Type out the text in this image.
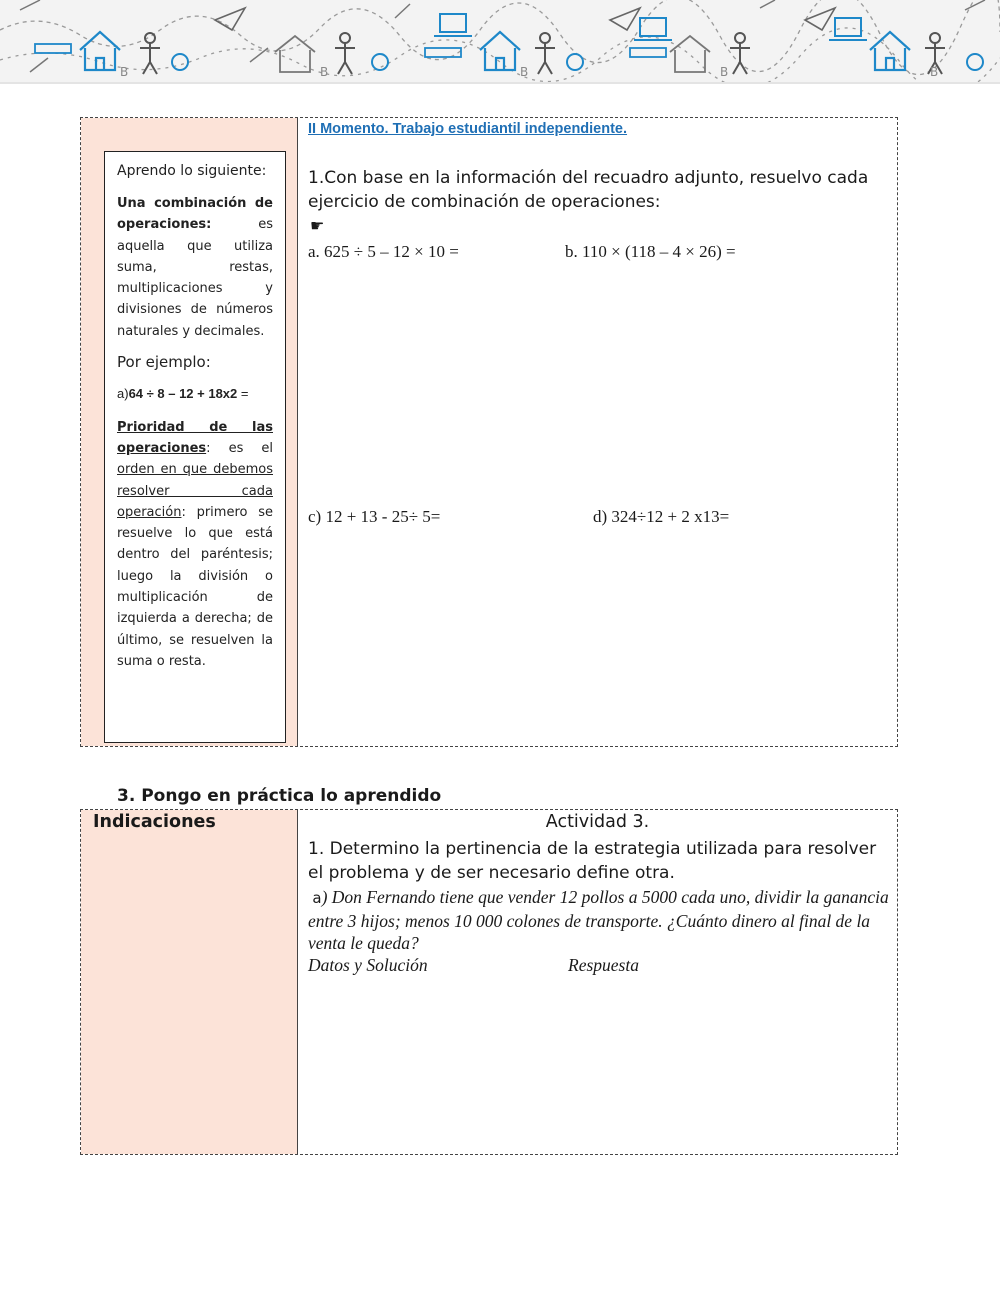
B	B	B	B	B

Aprendo lo siguiente:

Una combinación de operaciones: es aquella que utiliza suma, restas, multiplicaciones y divisiones de números naturales y decimales.

Por ejemplo:

a)64 ÷ 8 – 12 + 18x2 =

Prioridad de las operaciones: es el orden en que debemos resolver cada operación: primero se resuelve lo que está dentro del paréntesis; luego la división o multiplicación de izquierda a derecha; de último, se resuelven la suma o resta.

II Momento. Trabajo estudiantil independiente.
1.Con base en la información del recuadro adjunto, resuelvo cada ejercicio de combinación de operaciones:
☛
a. 625 ÷ 5 – 12 × 10 =	b. 110 × (118 – 4 × 26) =
c) 12 + 13 - 25÷ 5=	d) 324÷12 + 2 x13=
3. Pongo en práctica lo aprendido
Indicaciones	Actividad 3.
1. Determino la pertinencia de la estrategia utilizada para resolver el problema y de ser necesario define otra.
a) Don Fernando tiene que vender 12 pollos a 5000 cada uno, dividir la ganancia entre 3 hijos; menos 10 000 colones de transporte. ¿Cuánto dinero al final de la venta le queda?
Datos y Solución	Respuesta
